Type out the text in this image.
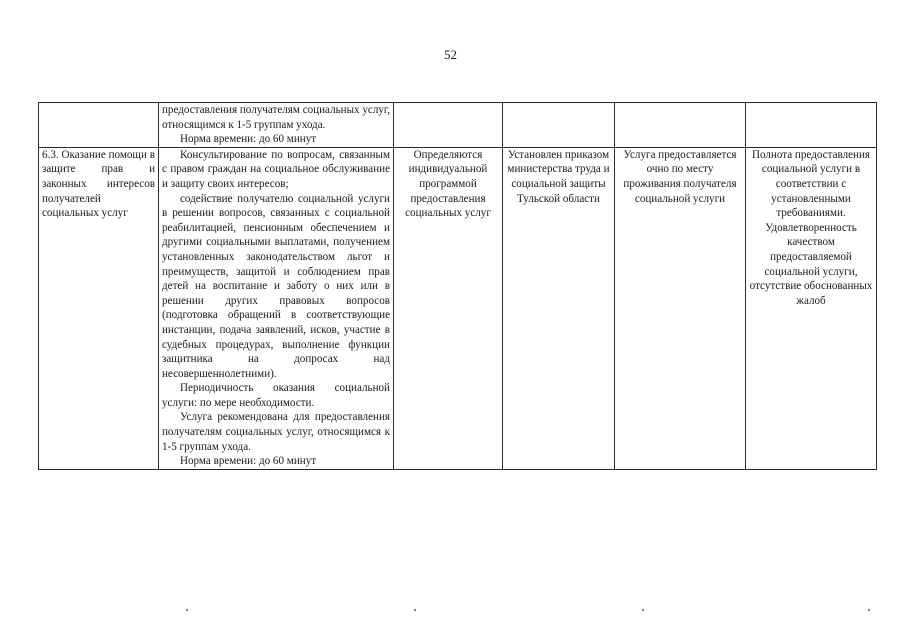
52

	предоставления получателям социальных услуг, относящимся к 1-5 группам ухода.
Норма времени: до 60 минут				

6.3. Оказание помощи в защите прав и законных интересов получателей социальных услуг	Консультирование по вопросам, связанным с правом граждан на социальное обслуживание и защиту своих интересов;
содействие получателю социальной услуги в решении вопросов, связанных с социальной реабилитацией, пенсионным обеспечением и другими социальными выплатами, получением установленных законодательством льгот и преимуществ, защитой и соблюдением прав детей на воспитание и заботу о них или в решении других правовых вопросов (подготовка обращений в соответствующие инстанции, подача заявлений, исков, участие в судебных процедурах, выполнение функции защитника на допросах над несовершеннолетними).
Периодичность оказания социальной услуги: по мере необходимости.
Услуга рекомендована для предоставления получателям социальных услуг, относящимся к 1-5 группам ухода.
Норма времени: до 60 минут	Определяются индивидуальной программой предоставления социальных услуг	Установлен приказом министерства труда и социальной защиты Тульской области	Услуга предоставляется очно по месту проживания получателя социальной услуги	Полнота предоставления социальной услуги в соответствии с установленными требованиями. Удовлетворенность качеством предоставляемой социальной услуги, отсутствие обоснованных жалоб
